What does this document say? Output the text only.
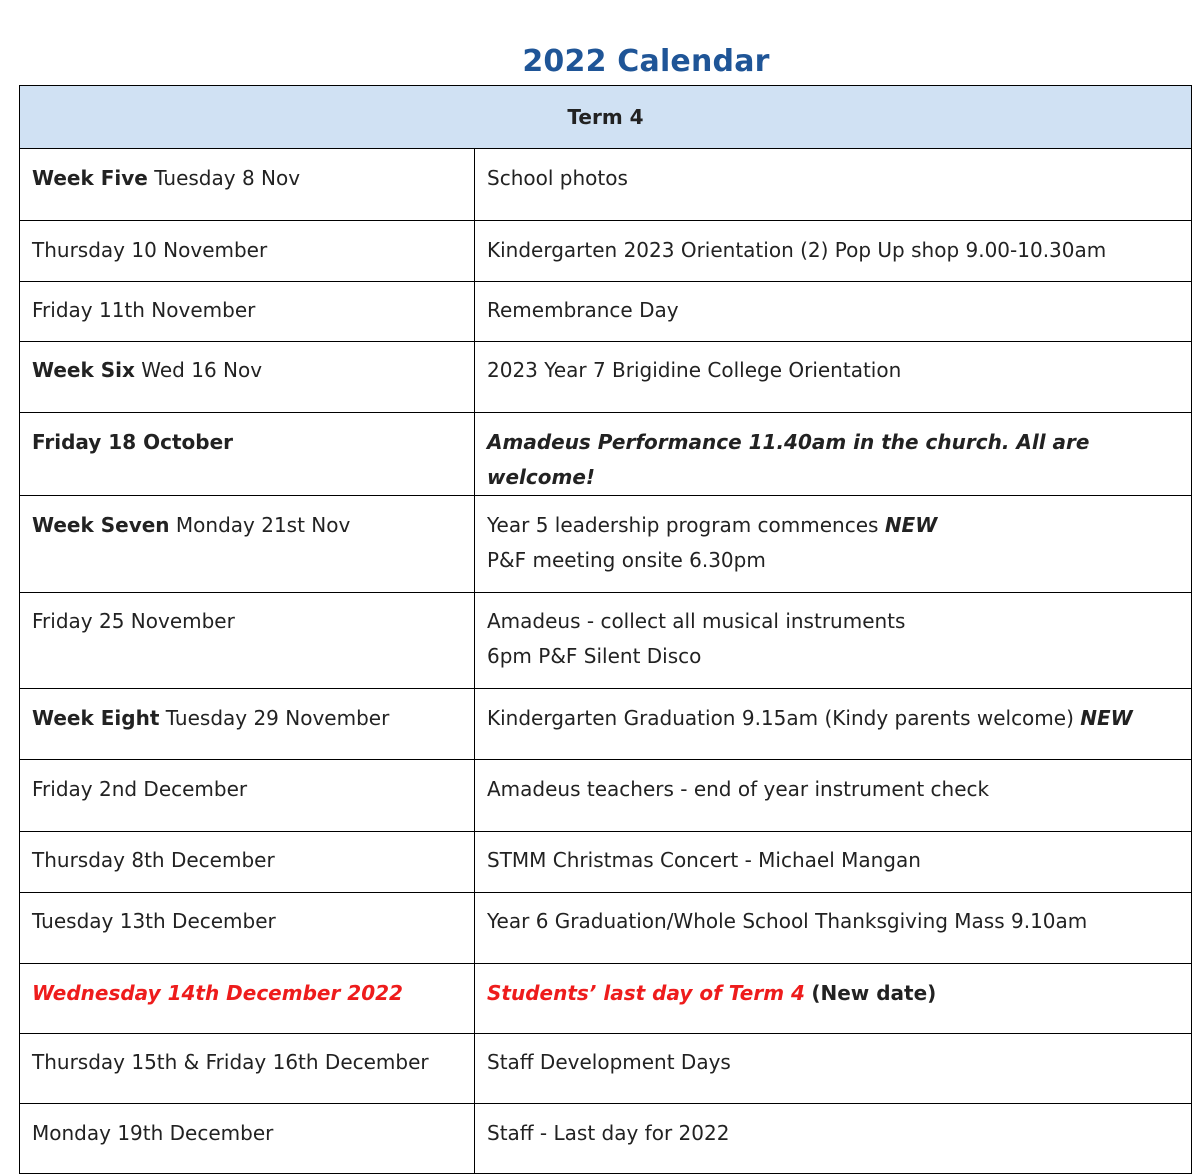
2022 Calendar
Term 4	
Week Five Tuesday 8 Nov	School photos

Thursday 10 November	Kindergarten 2023 Orientation (2) Pop Up shop 9.00-10.30am

Friday 11th November	Remembrance Day

Week Six Wed 16 Nov	2023 Year 7 Brigidine College Orientation

Friday 18 October	Amadeus Performance 11.40am in the church. All are welcome!

Week Seven Monday 21st Nov	Year 5 leadership program commences NEW
P&F meeting onsite 6.30pm

Friday 25 November	Amadeus - collect all musical instruments
6pm P&F Silent Disco

Week Eight Tuesday 29 November	Kindergarten Graduation 9.15am (Kindy parents welcome) NEW

Friday 2nd December	Amadeus teachers - end of year instrument check

Thursday 8th December	STMM Christmas Concert - Michael Mangan

Tuesday 13th December	Year 6 Graduation/Whole School Thanksgiving Mass 9.10am

Wednesday 14th December 2022	Students’ last day of Term 4 (New date)

Thursday 15th & Friday 16th December	Staff Development Days

Monday 19th December	Staff - Last day for 2022
